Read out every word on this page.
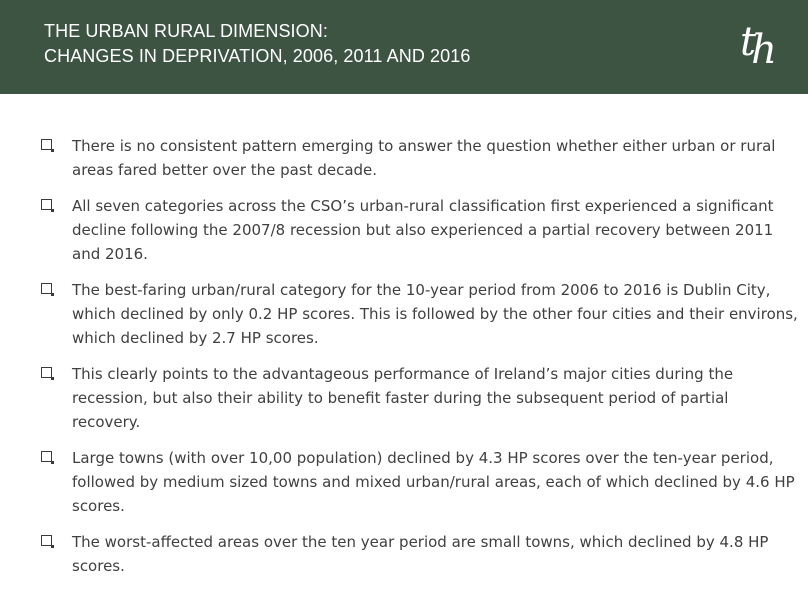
THE URBAN RURAL DIMENSION:
CHANGES IN DEPRIVATION, 2006, 2011 AND 2016	th
There is no consistent pattern emerging to answer the question whether either urban or rural areas fared better over the past decade.
All seven categories across the CSO’s urban-rural classification first experienced a significant decline following the 2007/8 recession but also experienced a partial recovery between 2011 and 2016.
The best-faring urban/rural category for the 10-year period from 2006 to 2016 is Dublin City, which declined by only 0.2 HP scores. This is followed by the other four cities and their environs, which declined by 2.7 HP scores.
This clearly points to the advantageous performance of Ireland’s major cities during the recession, but also their ability to benefit faster during the subsequent period of partial recovery.
Large towns (with over 10,00 population) declined by 4.3 HP scores over the ten-year period, followed by medium sized towns and mixed urban/rural areas, each of which declined by 4.6 HP scores.
The worst-affected areas over the ten year period are small towns, which declined by 4.8 HP scores.
